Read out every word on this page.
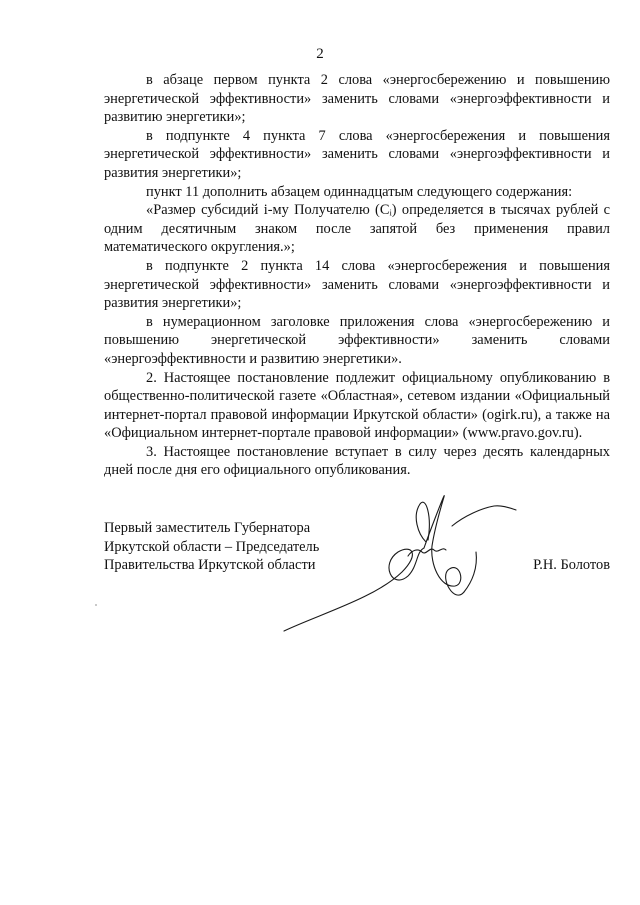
2

в абзаце первом пункта 2 слова «энергосбережению и повышению энергетической эффективности» заменить словами «энергоэффективности и развитию энергетики»;

в подпункте 4 пункта 7 слова «энергосбережения и повышения энергетической эффективности» заменить словами «энергоэффективности и развития энергетики»;

пункт 11 дополнить абзацем одиннадцатым следующего содержания:

«Размер субсидий i-му Получателю (Cᵢ) определяется в тысячах рублей с одним десятичным знаком после запятой без применения правил математического округления.»;

в подпункте 2 пункта 14 слова «энергосбережения и повышения энергетической эффективности» заменить словами «энергоэффективности и развития энергетики»;

в нумерационном заголовке приложения слова «энергосбережению и повышению энергетической эффективности» заменить словами «энергоэффективности и развитию энергетики».

2. Настоящее постановление подлежит официальному опубликованию в общественно-политической газете «Областная», сетевом издании «Официальный интернет-портал правовой информации Иркутской области» (ogirk.ru), а также на «Официальном интернет-портале правовой информации» (www.pravo.gov.ru).

3. Настоящее постановление вступает в силу через десять календарных дней после дня его официального опубликования.

Первый заместитель Губернатора
Иркутской области – Председатель
Правительства Иркутской области	Р.Н. Болотов
